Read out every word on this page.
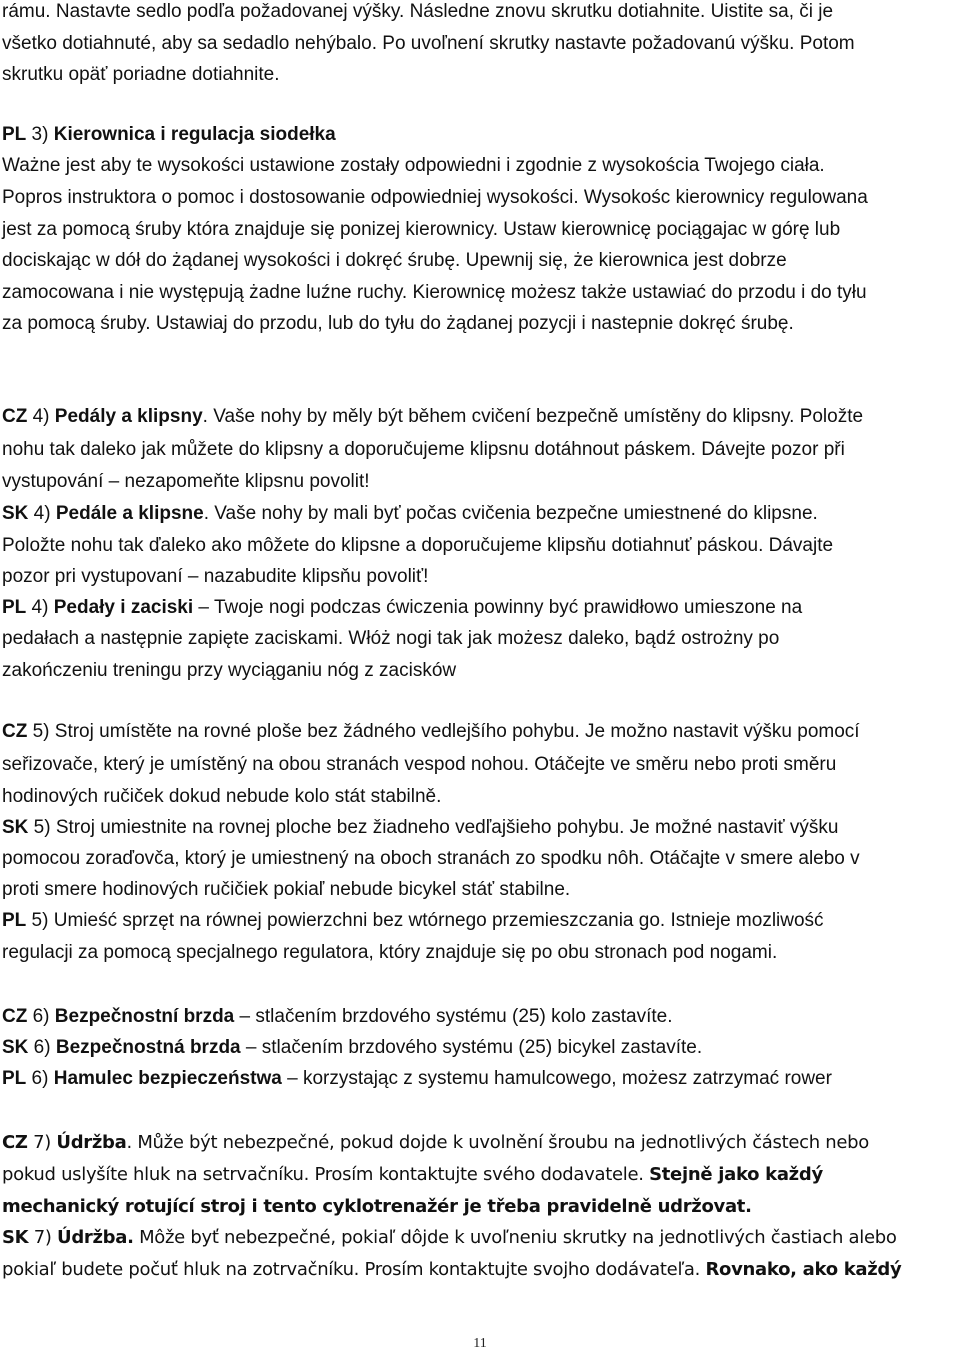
rámu. Nastavte sedlo podľa požadovanej výšky. Následne znovu skrutku dotiahnite. Uistite sa, či je
všetko dotiahnuté, aby sa sedadlo nehýbalo. Po uvoľnení skrutky nastavte požadovanú výšku. Potom
skrutku opäť poriadne dotiahnite.
PL 3) Kierownica i regulacja siodełka
Ważne jest aby te wysokości ustawione zostały odpowiedni i zgodnie z wysokościa Twojego ciała.
Popros instruktora o pomoc i dostosowanie odpowiedniej wysokości. Wysokośc kierownicy regulowana
jest za pomocą śruby która znajduje się ponizej kierownicy. Ustaw kierownicę pociągajac w górę lub
dociskając w dół do żądanej wysokości i dokręć śrubę. Upewnij się, że kierownica jest dobrze
zamocowana i nie występują żadne luźne ruchy. Kierownicę możesz także ustawiać do przodu i do tyłu
za pomocą śruby. Ustawiaj do przodu, lub do tyłu do żądanej pozycji i nastepnie dokręć śrubę.
CZ 4) Pedály a klipsny. Vaše nohy by měly být během cvičení bezpečně umístěny do klipsny. Položte
nohu tak daleko jak můžete do klipsny a doporučujeme klipsnu dotáhnout páskem. Dávejte pozor při
vystupování – nezapomeňte klipsnu povolit!
SK 4) Pedále a klipsne. Vaše nohy by mali byť počas cvičenia bezpečne umiestnené do klipsne.
Položte nohu tak ďaleko ako môžete do klipsne a doporučujeme klipsňu dotiahnuť páskou. Dávajte
pozor pri vystupovaní – nazabudite klipsňu povoliť!
PL 4) Pedały i zaciski – Twoje nogi podczas ćwiczenia powinny być prawidłowo umieszone na
pedałach a następnie zapięte zaciskami. Włóż nogi tak jak możesz daleko, bądź ostrożny po
zakończeniu treningu przy wyciąganiu nóg z zacisków
CZ 5) Stroj umístěte na rovné ploše bez žádného vedlejšího pohybu. Je možno nastavit výšku pomocí
seřizovače, který je umístěný na obou stranách vespod nohou. Otáčejte ve směru nebo proti směru
hodinových ručiček dokud nebude kolo stát stabilně.
SK 5) Stroj umiestnite na rovnej ploche bez žiadneho vedľajšieho pohybu. Je možné nastaviť výšku
pomocou zoraďovča, ktorý je umiestnený na oboch stranách zo spodku nôh. Otáčajte v smere alebo v
proti smere hodinových ručičiek pokiaľ nebude bicykel stáť stabilne.
PL 5) Umieść sprzęt na równej powierzchni bez wtórnego przemieszczania go. Istnieje mozliwość
regulacji za pomocą specjalnego regulatora, który znajduje się po obu stronach pod nogami.
CZ 6) Bezpečnostní brzda – stlačením brzdového systému (25) kolo zastavíte.
SK 6) Bezpečnostná brzda – stlačením brzdového systému (25) bicykel zastavíte.
PL 6) Hamulec bezpieczeństwa – korzystając z systemu hamulcowego, możesz zatrzymać rower
CZ 7) Údržba. Může být nebezpečné, pokud dojde k uvolnění šroubu na jednotlivých částech nebo
pokud uslyšíte hluk na setrvačníku. Prosím kontaktujte svého dodavatele. Stejně jako každý
mechanický rotující stroj i tento cyklotrenažér je třeba pravidelně udržovat.
SK 7) Údržba. Môže byť nebezpečné, pokiaľ dôjde k uvoľneniu skrutky na jednotlivých častiach alebo
pokiaľ budete počuť hluk na zotrvačníku. Prosím kontaktujte svojho dodávateľa. Rovnako, ako každý
11
